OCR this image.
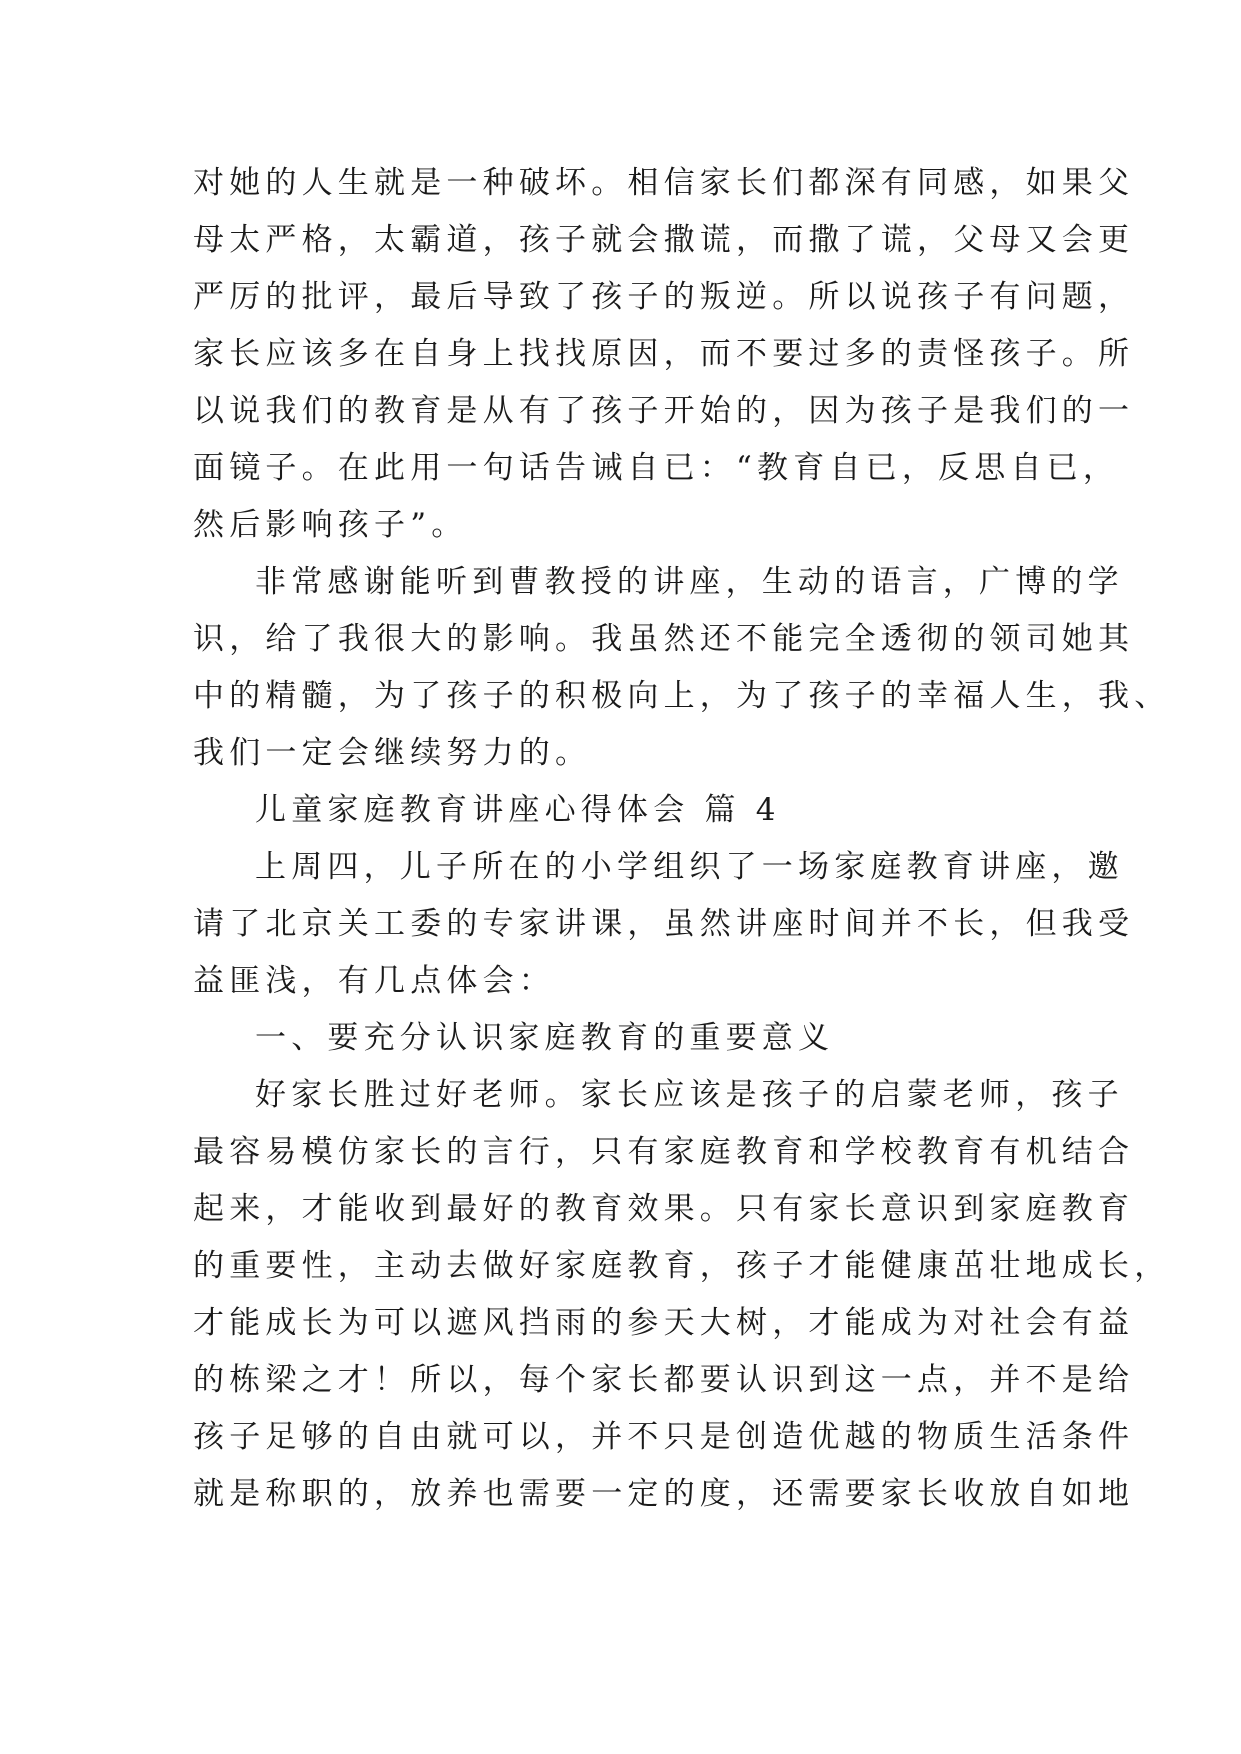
对她的人生就是一种破坏。相信家长们都深有同感，如果父
母太严格，太霸道，孩子就会撒谎，而撒了谎，父母又会更
严厉的批评，最后导致了孩子的叛逆。所以说孩子有问题，
家长应该多在自身上找找原因，而不要过多的责怪孩子。所
以说我们的教育是从有了孩子开始的，因为孩子是我们的一
面镜子。在此用一句话告诫自已：“教育自已，反思自已，
然后影响孩子”。
非常感谢能听到曹教授的讲座，生动的语言，广博的学
识，给了我很大的影响。我虽然还不能完全透彻的领司她其
中的精髓，为了孩子的积极向上，为了孩子的幸福人生，我、
我们一定会继续努力的。
儿童家庭教育讲座心得体会 篇 4
上周四，儿子所在的小学组织了一场家庭教育讲座，邀
请了北京关工委的专家讲课，虽然讲座时间并不长，但我受
益匪浅，有几点体会：
一、要充分认识家庭教育的重要意义
好家长胜过好老师。家长应该是孩子的启蒙老师，孩子
最容易模仿家长的言行，只有家庭教育和学校教育有机结合
起来，才能收到最好的教育效果。只有家长意识到家庭教育
的重要性，主动去做好家庭教育，孩子才能健康茁壮地成长，
才能成长为可以遮风挡雨的参天大树，才能成为对社会有益
的栋梁之才！所以，每个家长都要认识到这一点，并不是给
孩子足够的自由就可以，并不只是创造优越的物质生活条件
就是称职的，放养也需要一定的度，还需要家长收放自如地
